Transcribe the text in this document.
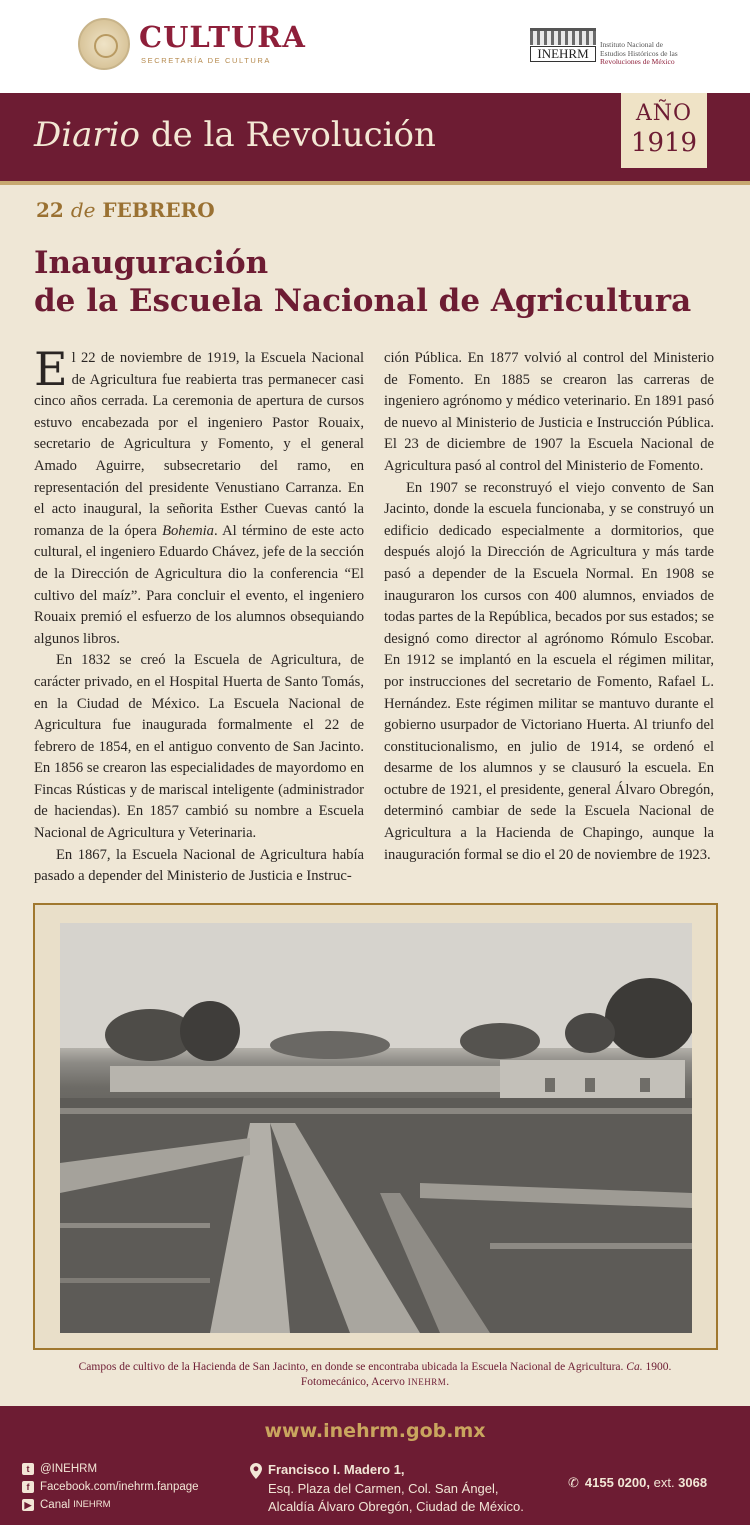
CULTURA
SECRETARÍA DE CULTURA	INEHRM
Instituto Nacional de
Estudios Históricos de las
Revoluciones de México
Diario de la Revolución
AÑO
1919
22 de FEBRERO
Inauguración
de la Escuela Nacional de Agricultura

El 22 de noviembre de 1919, la Escuela Nacional de Agricultura fue reabierta tras permanecer casi cinco años cerrada. La ceremonia de apertura de cursos estuvo encabezada por el ingeniero Pastor Rouaix, secretario de Agricultura y Fomento, y el general Amado Aguirre, subsecretario del ramo, en representación del presidente Venustiano Carranza. En el acto inaugural, la señorita Esther Cuevas cantó la romanza de la ópera Bohemia. Al término de este acto cultural, el ingeniero Eduardo Chávez, jefe de la sección de la Dirección de Agricultura dio la conferencia “El cultivo del maíz”. Para concluir el evento, el ingeniero Rouaix premió el esfuerzo de los alumnos obsequiando algunos libros.

En 1832 se creó la Escuela de Agricultura, de carácter privado, en el Hospital Huerta de Santo Tomás, en la Ciudad de México. La Escuela Nacional de Agricultura fue inaugurada formalmente el 22 de febrero de 1854, en el antiguo convento de San Jacinto. En 1856 se crearon las especialidades de mayordomo en Fincas Rústicas y de mariscal inteligente (administrador de haciendas). En 1857 cambió su nombre a Escuela Nacional de Agricultura y Veterinaria.

En 1867, la Escuela Nacional de Agricultura había pasado a depender del Ministerio de Justicia e Instruc-

ción Pública. En 1877 volvió al control del Ministerio de Fomento. En 1885 se crearon las carreras de ingeniero agrónomo y médico veterinario. En 1891 pasó de nuevo al Ministerio de Justicia e Instrucción Pública. El 23 de diciembre de 1907 la Escuela Nacional de Agricultura pasó al control del Ministerio de Fomento.

En 1907 se reconstruyó el viejo convento de San Jacinto, donde la escuela funcionaba, y se construyó un edificio dedicado especialmente a dormitorios, que después alojó la Dirección de Agricultura y más tarde pasó a depender de la Escuela Normal. En 1908 se inauguraron los cursos con 400 alumnos, enviados de todas partes de la República, becados por sus estados; se designó como director al agrónomo Rómulo Escobar. En 1912 se implantó en la escuela el régimen militar, por instrucciones del secretario de Fomento, Rafael L. Hernández. Este régimen militar se mantuvo durante el gobierno usurpador de Victoriano Huerta. Al triunfo del constitucionalismo, en julio de 1914, se ordenó el desarme de los alumnos y se clausuró la escuela. En octubre de 1921, el presidente, general Álvaro Obregón, determinó cambiar de sede la Escuela Nacional de Agricultura a la Hacienda de Chapingo, aunque la inauguración formal se dio el 20 de noviembre de 1923.

Campos de cultivo de la Hacienda de San Jacinto, en donde se encontraba ubicada la Escuela Nacional de Agricultura. Ca. 1900. Fotomecánico, Acervo INEHRM.
www.inehrm.gob.mx
t @INEHRM
f Facebook.com/inehrm.fanpage
▶ Canal INEHRM
Francisco I. Madero 1,
Esq. Plaza del Carmen, Col. San Ángel,
Alcaldía Álvaro Obregón, Ciudad de México.
✆ 4155 0200, ext. 3068
